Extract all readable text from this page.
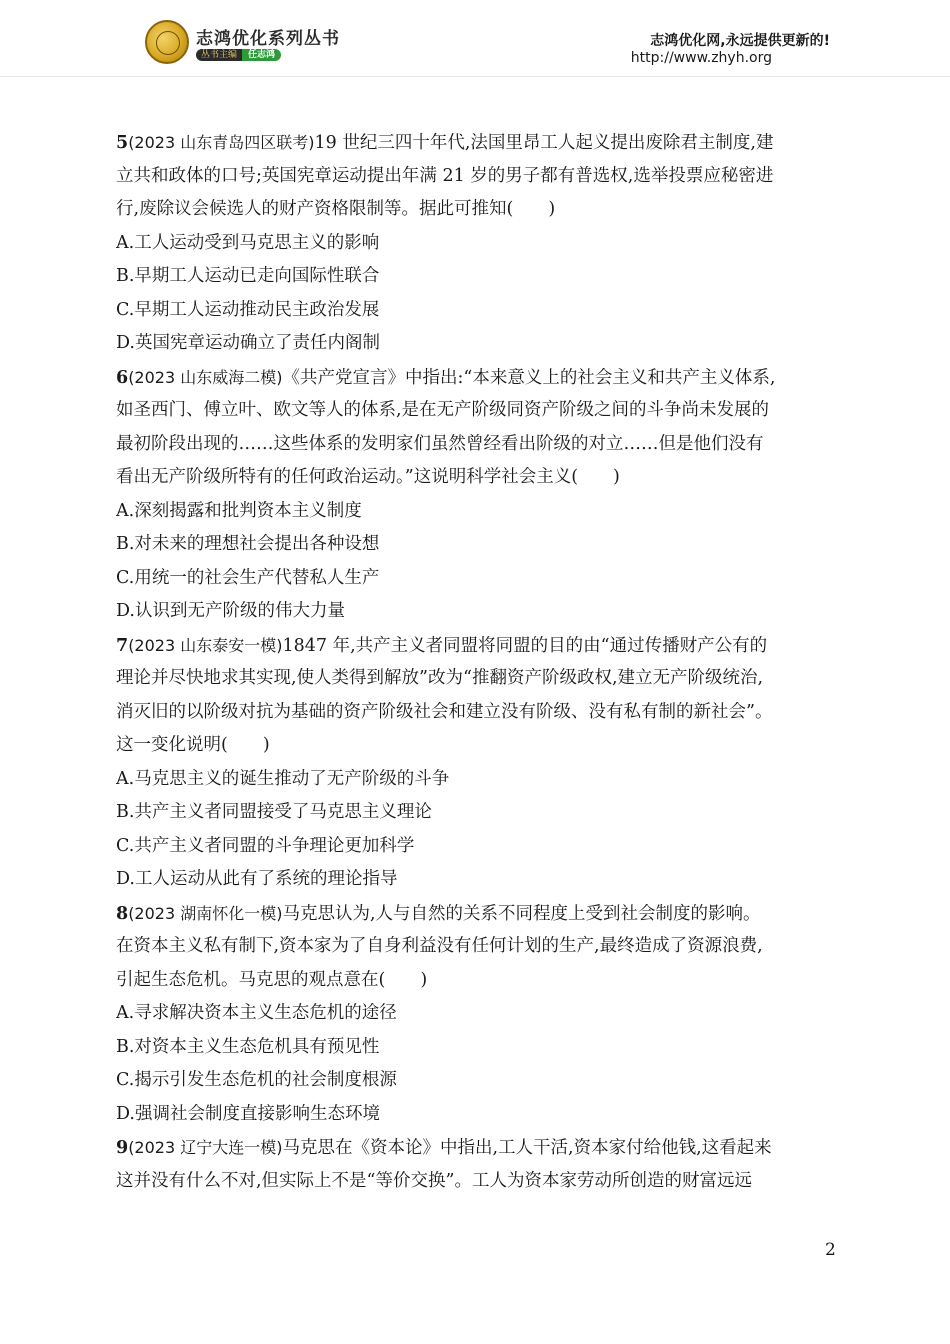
志鸿优化系列丛书
丛书主编	任志鸿
志鸿优化网,永远提供更新的!
http://www.zhyh.org
5(2023 山东青岛四区联考)19 世纪三四十年代,法国里昂工人起义提出废除君主制度,建
立共和政体的口号;英国宪章运动提出年满 21 岁的男子都有普选权,选举投票应秘密进
行,废除议会候选人的财产资格限制等。据此可推知(　　)
A.工人运动受到马克思主义的影响
B.早期工人运动已走向国际性联合
C.早期工人运动推动民主政治发展
D.英国宪章运动确立了责任内阁制
6(2023 山东威海二模)《共产党宣言》中指出:“本来意义上的社会主义和共产主义体系,
如圣西门、傅立叶、欧文等人的体系,是在无产阶级同资产阶级之间的斗争尚未发展的
最初阶段出现的……这些体系的发明家们虽然曾经看出阶级的对立……但是他们没有
看出无产阶级所特有的任何政治运动。”这说明科学社会主义(　　)
A.深刻揭露和批判资本主义制度
B.对未来的理想社会提出各种设想
C.用统一的社会生产代替私人生产
D.认识到无产阶级的伟大力量
7(2023 山东泰安一模)1847 年,共产主义者同盟将同盟的目的由“通过传播财产公有的
理论并尽快地求其实现,使人类得到解放”改为“推翻资产阶级政权,建立无产阶级统治,
消灭旧的以阶级对抗为基础的资产阶级社会和建立没有阶级、没有私有制的新社会”。
这一变化说明(　　)
A.马克思主义的诞生推动了无产阶级的斗争
B.共产主义者同盟接受了马克思主义理论
C.共产主义者同盟的斗争理论更加科学
D.工人运动从此有了系统的理论指导
8(2023 湖南怀化一模)马克思认为,人与自然的关系不同程度上受到社会制度的影响。
在资本主义私有制下,资本家为了自身利益没有任何计划的生产,最终造成了资源浪费,
引起生态危机。马克思的观点意在(　　)
A.寻求解决资本主义生态危机的途径
B.对资本主义生态危机具有预见性
C.揭示引发生态危机的社会制度根源
D.强调社会制度直接影响生态环境
9(2023 辽宁大连一模)马克思在《资本论》中指出,工人干活,资本家付给他钱,这看起来
这并没有什么不对,但实际上不是“等价交换”。工人为资本家劳动所创造的财富远远
2
